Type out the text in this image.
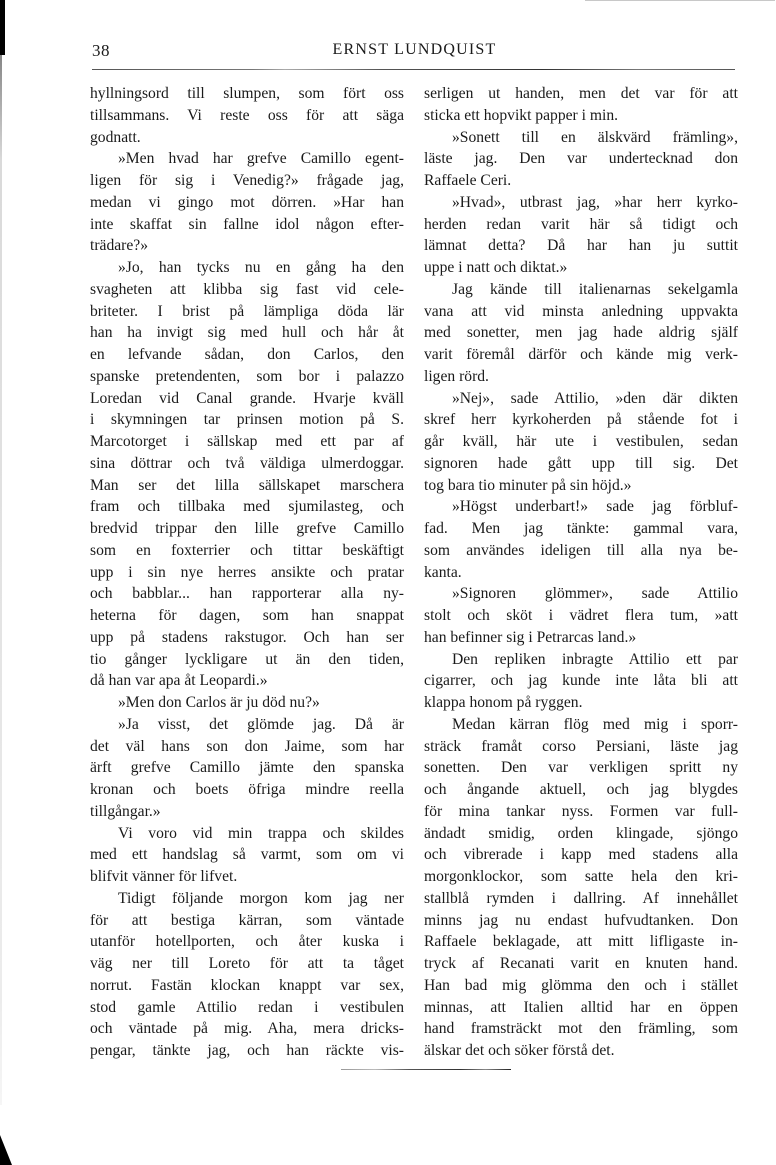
38	ERNST LUNDQUIST
hyllningsord till slumpen, som fört oss
tillsammans. Vi reste oss för att säga
godnatt.
»Men hvad har grefve Camillo egent-
ligen för sig i Venedig?» frågade jag,
medan vi gingo mot dörren. »Har han
inte skaffat sin fallne idol någon efter-
trädare?»
»Jo, han tycks nu en gång ha den
svagheten att klibba sig fast vid cele-
briteter. I brist på lämpliga döda lär
han ha invigt sig med hull och hår åt
en lefvande sådan, don Carlos, den
spanske pretendenten, som bor i palazzo
Loredan vid Canal grande. Hvarje kväll
i skymningen tar prinsen motion på S.
Marcotorget i sällskap med ett par af
sina döttrar och två väldiga ulmerdoggar.
Man ser det lilla sällskapet marschera
fram och tillbaka med sjumilasteg, och
bredvid trippar den lille grefve Camillo
som en foxterrier och tittar beskäftigt
upp i sin nye herres ansikte och pratar
och babblar... han rapporterar alla ny-
heterna för dagen, som han snappat
upp på stadens rakstugor. Och han ser
tio gånger lyckligare ut än den tiden,
då han var apa åt Leopardi.»
»Men don Carlos är ju död nu?»
»Ja visst, det glömde jag. Då är
det väl hans son don Jaime, som har
ärft grefve Camillo jämte den spanska
kronan och boets öfriga mindre reella
tillgångar.»
Vi voro vid min trappa och skildes
med ett handslag så varmt, som om vi
blifvit vänner för lifvet.
Tidigt följande morgon kom jag ner
för att bestiga kärran, som väntade
utanför hotellporten, och åter kuska i
väg ner till Loreto för att ta tåget
norrut. Fastän klockan knappt var sex,
stod gamle Attilio redan i vestibulen
och väntade på mig. Aha, mera dricks-
pengar, tänkte jag, och han räckte vis-
serligen ut handen, men det var för att
sticka ett hopvikt papper i min.
»Sonett till en älskvärd främling»,
läste jag. Den var undertecknad don
Raffaele Ceri.
»Hvad», utbrast jag, »har herr kyrko-
herden redan varit här så tidigt och
lämnat detta? Då har han ju suttit
uppe i natt och diktat.»
Jag kände till italienarnas sekelgamla
vana att vid minsta anledning uppvakta
med sonetter, men jag hade aldrig själf
varit föremål därför och kände mig verk-
ligen rörd.
»Nej», sade Attilio, »den där dikten
skref herr kyrkoherden på stående fot i
går kväll, här ute i vestibulen, sedan
signoren hade gått upp till sig. Det
tog bara tio minuter på sin höjd.»
»Högst underbart!» sade jag förbluf-
fad. Men jag tänkte: gammal vara,
som användes ideligen till alla nya be-
kanta.
»Signoren glömmer», sade Attilio
stolt och sköt i vädret flera tum, »att
han befinner sig i Petrarcas land.»
Den repliken inbragte Attilio ett par
cigarrer, och jag kunde inte låta bli att
klappa honom på ryggen.
Medan kärran flög med mig i sporr-
sträck framåt corso Persiani, läste jag
sonetten. Den var verkligen spritt ny
och ångande aktuell, och jag blygdes
för mina tankar nyss. Formen var full-
ändadt smidig, orden klingade, sjöngo
och vibrerade i kapp med stadens alla
morgonklockor, som satte hela den kri-
stallblå rymden i dallring. Af innehållet
minns jag nu endast hufvudtanken. Don
Raffaele beklagade, att mitt lifligaste in-
tryck af Recanati varit en knuten hand.
Han bad mig glömma den och i stället
minnas, att Italien alltid har en öppen
hand framsträckt mot den främling, som
älskar det och söker förstå det.
